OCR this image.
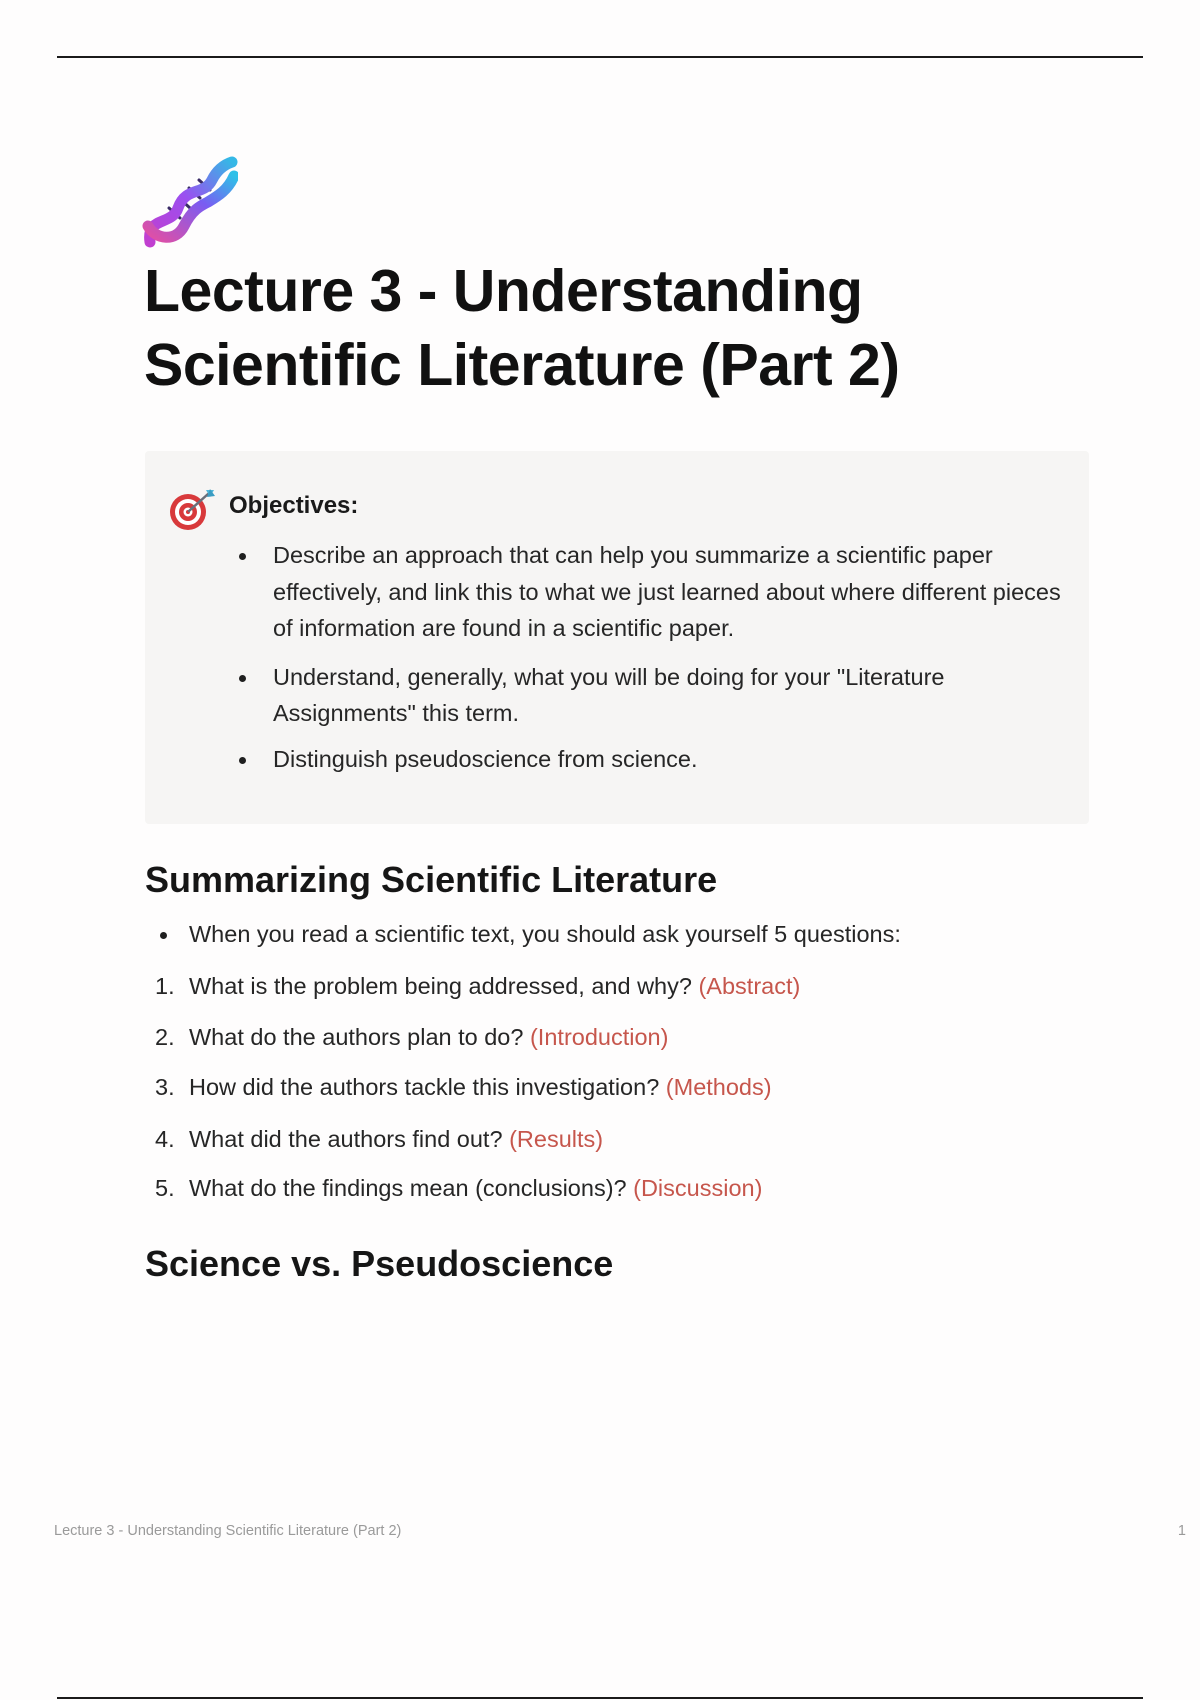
Lecture 3 - Understanding Scientific Literature (Part 2)
Objectives:
Describe an approach that can help you summarize a scientific paper effectively, and link this to what we just learned about where different pieces of information are found in a scientific paper.
Understand, generally, what you will be doing for your "Literature Assignments" this term.
Distinguish pseudoscience from science.
Summarizing Scientific Literature
When you read a scientific text, you should ask yourself 5 questions:
1. What is the problem being addressed, and why? (Abstract)
2. What do the authors plan to do? (Introduction)
3. How did the authors tackle this investigation? (Methods)
4. What did the authors find out? (Results)
5. What do the findings mean (conclusions)? (Discussion)
Science vs. Pseudoscience
Lecture 3 - Understanding Scientific Literature (Part 2)	1
